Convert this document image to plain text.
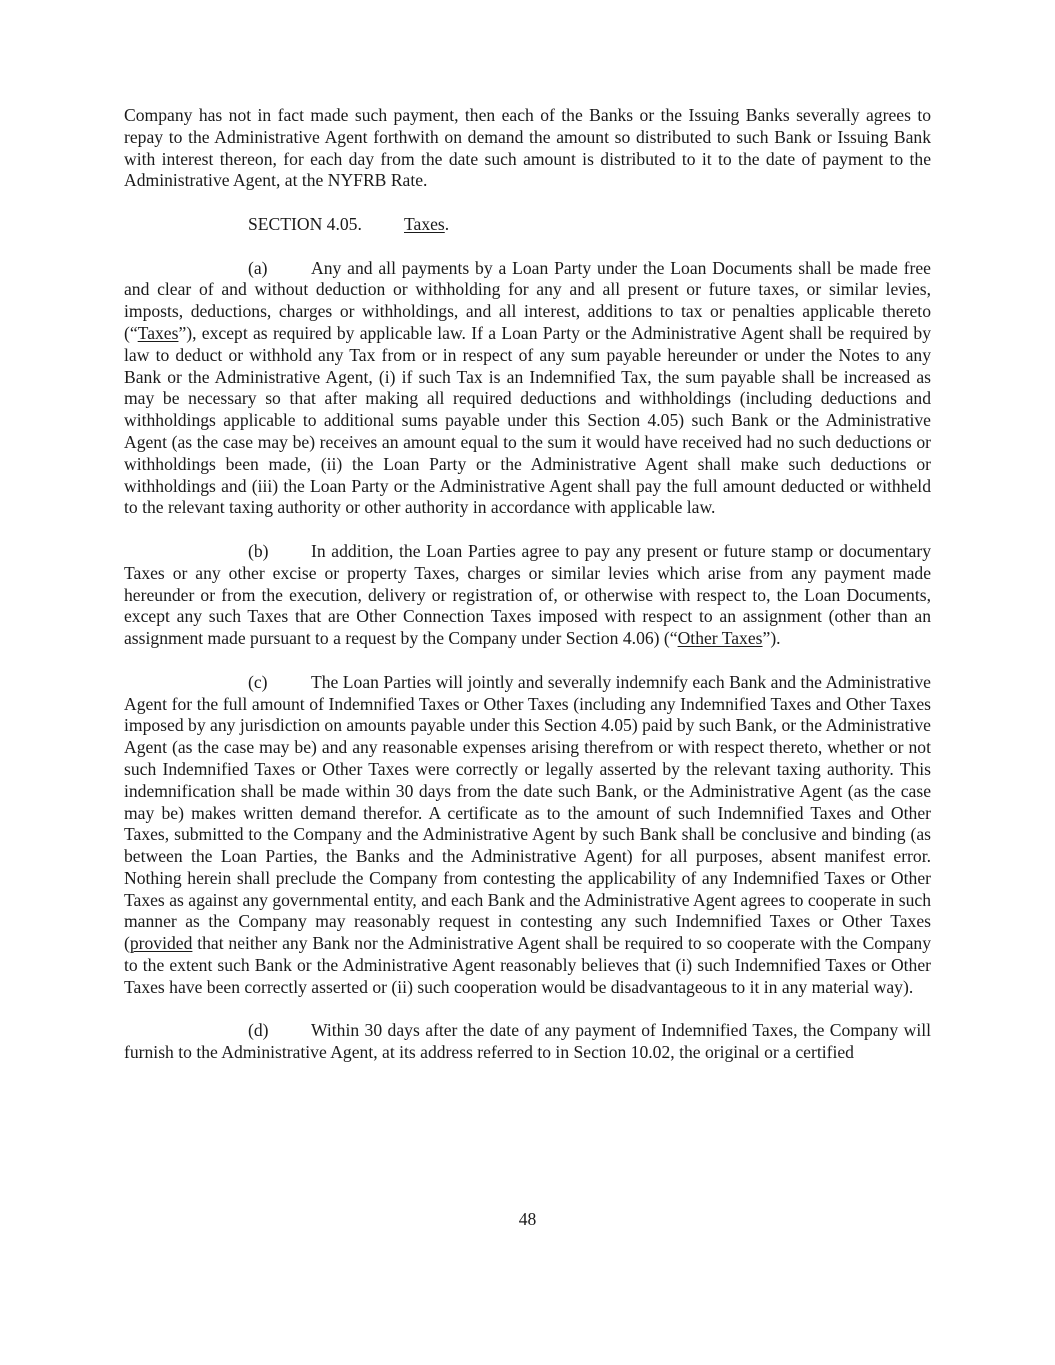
Company has not in fact made such payment, then each of the Banks or the Issuing Banks severally agrees to repay to the Administrative Agent forthwith on demand the amount so distributed to such Bank or Issuing Bank with interest thereon, for each day from the date such amount is distributed to it to the date of payment to the Administrative Agent, at the NYFRB Rate.

SECTION 4.05. Taxes.

(a) Any and all payments by a Loan Party under the Loan Documents shall be made free and clear of and without deduction or withholding for any and all present or future taxes, or similar levies, imposts, deductions, charges or withholdings, and all interest, additions to tax or penalties applicable thereto (“Taxes”), except as required by applicable law. If a Loan Party or the Administrative Agent shall be required by law to deduct or withhold any Tax from or in respect of any sum payable hereunder or under the Notes to any Bank or the Administrative Agent, (i) if such Tax is an Indemnified Tax, the sum payable shall be increased as may be necessary so that after making all required deductions and withholdings (including deductions and withholdings applicable to additional sums payable under this Section 4.05) such Bank or the Administrative Agent (as the case may be) receives an amount equal to the sum it would have received had no such deductions or withholdings been made, (ii) the Loan Party or the Administrative Agent shall make such deductions or withholdings and (iii) the Loan Party or the Administrative Agent shall pay the full amount deducted or withheld to the relevant taxing authority or other authority in accordance with applicable law.

(b) In addition, the Loan Parties agree to pay any present or future stamp or documentary Taxes or any other excise or property Taxes, charges or similar levies which arise from any payment made hereunder or from the execution, delivery or registration of, or otherwise with respect to, the Loan Documents, except any such Taxes that are Other Connection Taxes imposed with respect to an assignment (other than an assignment made pursuant to a request by the Company under Section 4.06) (“Other Taxes”).

(c) The Loan Parties will jointly and severally indemnify each Bank and the Administrative Agent for the full amount of Indemnified Taxes or Other Taxes (including any Indemnified Taxes and Other Taxes imposed by any jurisdiction on amounts payable under this Section 4.05) paid by such Bank, or the Administrative Agent (as the case may be) and any reasonable expenses arising therefrom or with respect thereto, whether or not such Indemnified Taxes or Other Taxes were correctly or legally asserted by the relevant taxing authority. This indemnification shall be made within 30 days from the date such Bank, or the Administrative Agent (as the case may be) makes written demand therefor. A certificate as to the amount of such Indemnified Taxes and Other Taxes, submitted to the Company and the Administrative Agent by such Bank shall be conclusive and binding (as between the Loan Parties, the Banks and the Administrative Agent) for all purposes, absent manifest error. Nothing herein shall preclude the Company from contesting the applicability of any Indemnified Taxes or Other Taxes as against any governmental entity, and each Bank and the Administrative Agent agrees to cooperate in such manner as the Company may reasonably request in contesting any such Indemnified Taxes or Other Taxes (provided that neither any Bank nor the Administrative Agent shall be required to so cooperate with the Company to the extent such Bank or the Administrative Agent reasonably believes that (i) such Indemnified Taxes or Other Taxes have been correctly asserted or (ii) such cooperation would be disadvantageous to it in any material way).

(d) Within 30 days after the date of any payment of Indemnified Taxes, the Company will furnish to the Administrative Agent, at its address referred to in Section 10.02, the original or a certified

48
